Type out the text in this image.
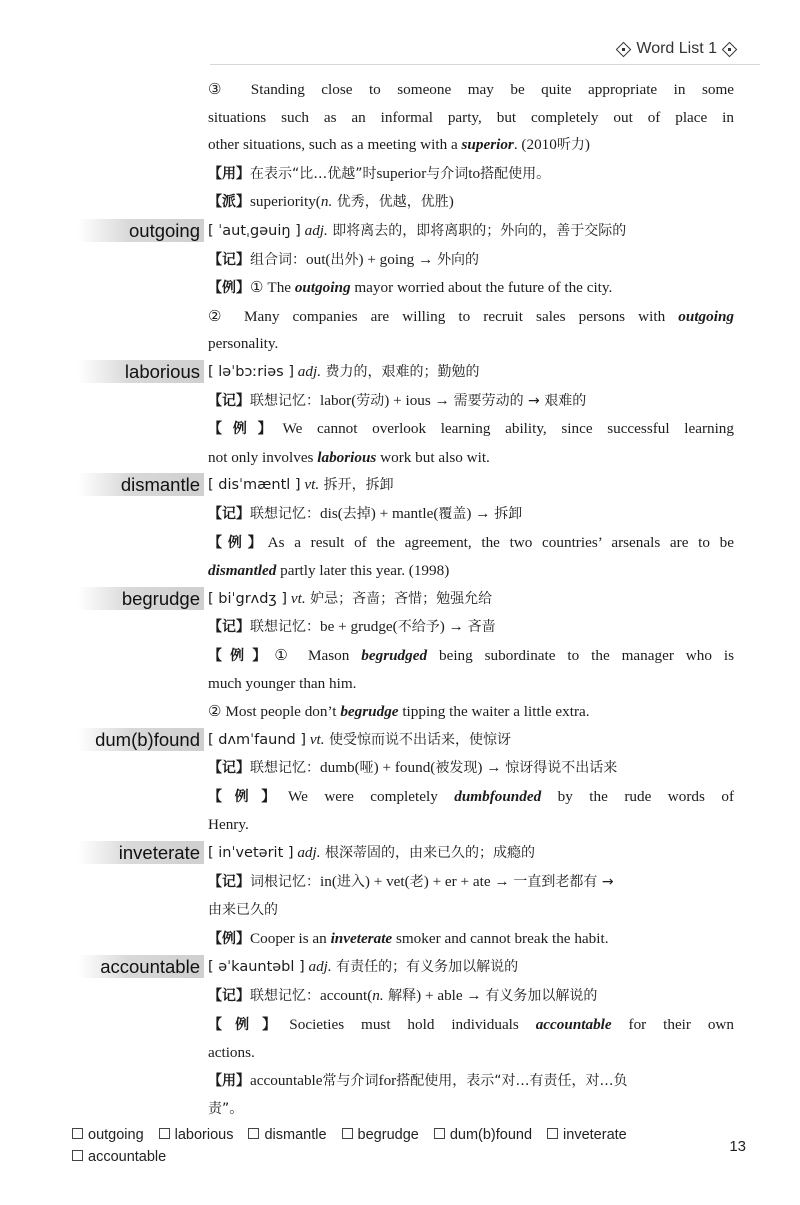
Word List 1
③ Standing close to someone may be quite appropriate in some
situations such as an informal party, but completely out of place in
other situations, such as a meeting with a superior. (2010听力)
【用】在表示“比…优越”时superior与介词to搭配使用。
【派】superiority(n. 优秀，优越，优胜)
outgoing [ ˈautˌgəuiŋ ] adj. 即将离去的，即将离职的；外向的，善于交际的
【记】组合词：out(出外) + going → 外向的
【例】① The outgoing mayor worried about the future of the city.
② Many companies are willing to recruit sales persons with outgoing
personality.
laborious [ ləˈbɔːriəs ] adj. 费力的，艰难的；勤勉的
【记】联想记忆：labor(劳动) + ious → 需要劳动的 → 艰难的
【例】We cannot overlook learning ability, since successful learning
not only involves laborious work but also wit.
dismantle [ disˈmæntl ] vt. 拆开，拆卸
【记】联想记忆：dis(去掉) + mantle(覆盖) → 拆卸
【例】As a result of the agreement, the two countries’ arsenals are to be
dismantled partly later this year. (1998)
begrudge [ biˈgrʌdʒ ] vt. 妒忌；吝啬；吝惜；勉强允给
【记】联想记忆：be + grudge(不给予) → 吝啬
【例】① Mason begrudged being subordinate to the manager who is
much younger than him.
② Most people don’t begrudge tipping the waiter a little extra.
dum(b)found [ dʌmˈfaund ] vt. 使受惊而说不出话来，使惊讶
【记】联想记忆：dumb(哑) + found(被发现) → 惊讶得说不出话来
【例】We were completely dumbfounded by the rude words of
Henry.
inveterate [ inˈvetərit ] adj. 根深蒂固的，由来已久的；成瘾的
【记】词根记忆：in(进入) + vet(老) + er + ate → 一直到老都有 →
由来已久的
【例】Cooper is an inveterate smoker and cannot break the habit.
accountable [ əˈkauntəbl ] adj. 有责任的；有义务加以解说的
【记】联想记忆：account(n. 解释) + able → 有义务加以解说的
【例】Societies must hold individuals accountable for their own
actions.
【用】accountable常与介词for搭配使用，表示“对…有责任，对…负
责”。
outgoing laborious dismantle begrudge dum(b)found inveterateaccountable
13
